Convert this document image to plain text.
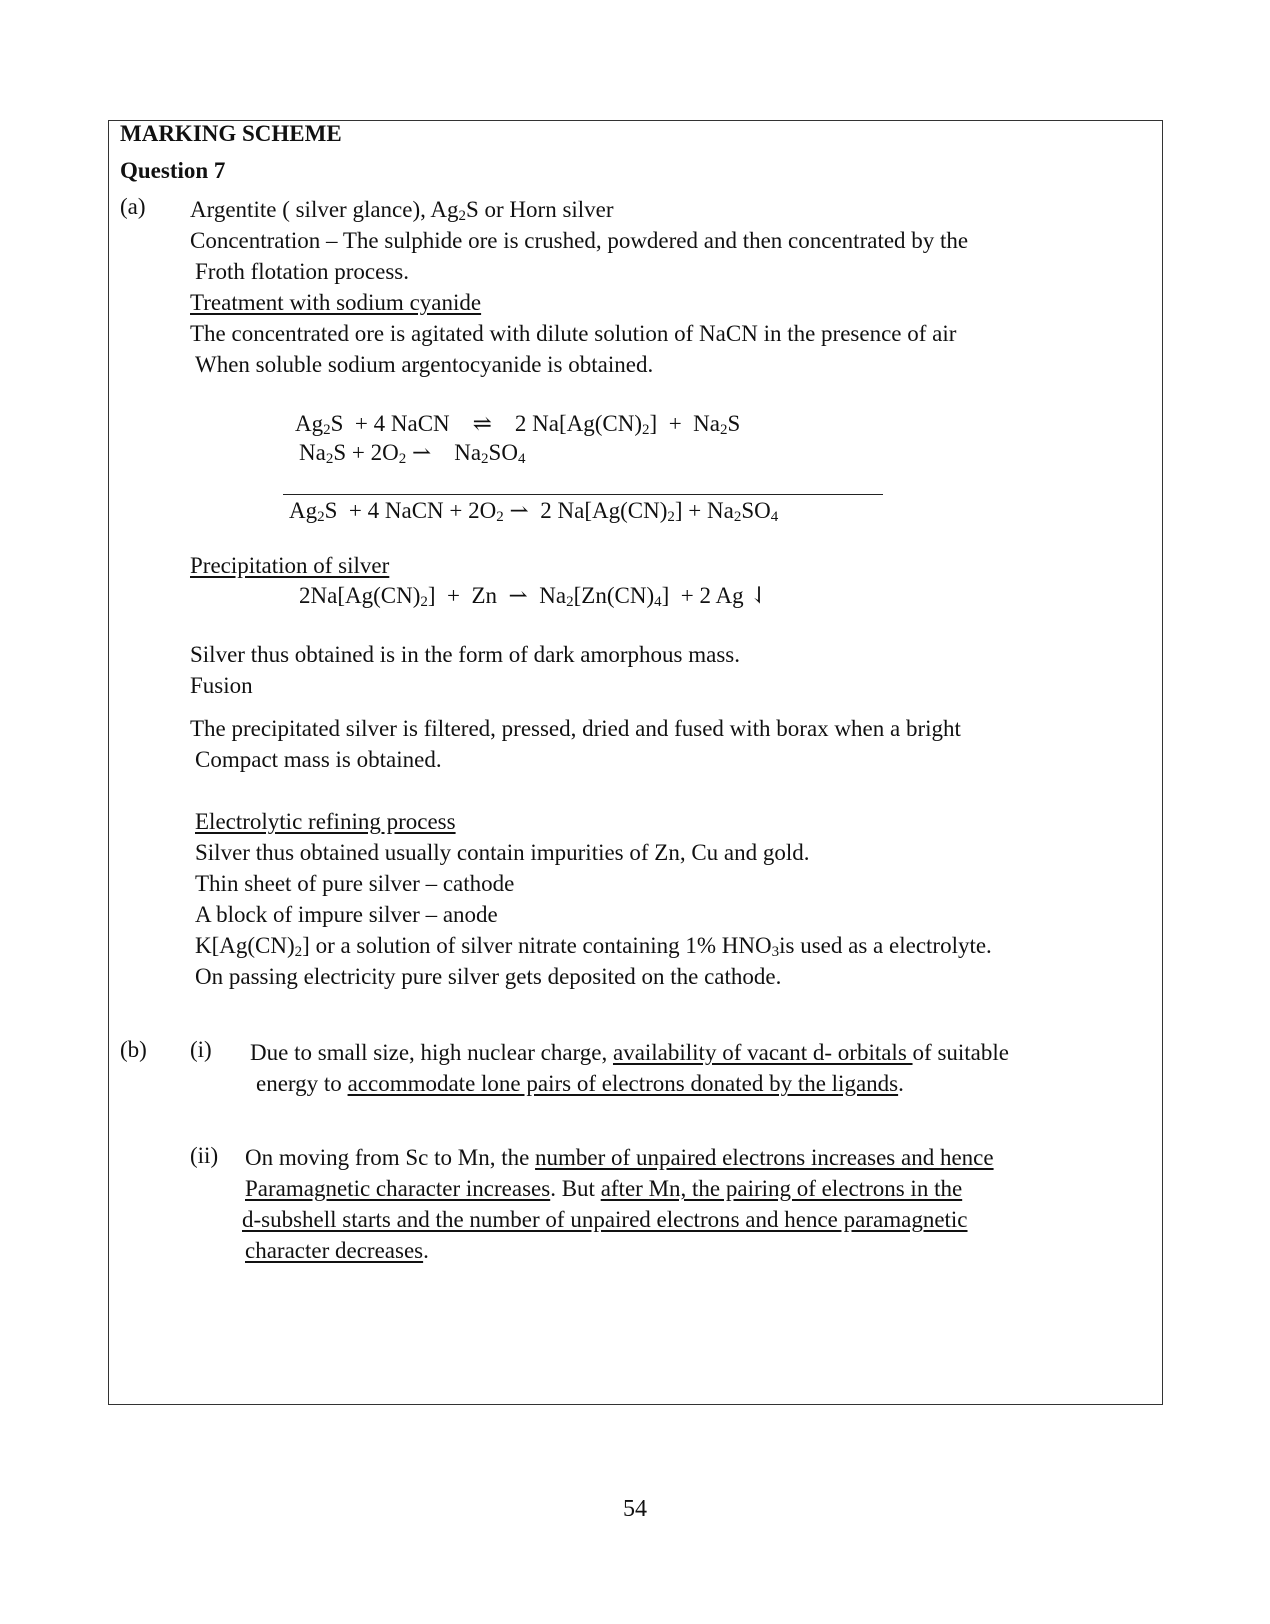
MARKING SCHEME
Question 7
(a) Argentite ( silver glance), $Ag_2S$ or Horn silver
Concentration – The sulphide ore is crushed, powdered and then concentrated by the
Froth flotation process.
Treatment with sodium cyanide
The concentrated ore is agitated with dilute solution of NaCN in the presence of air
When soluble sodium argentocyanide is obtained.
$Ag_2S + 4$ NaCN    ⇌    2 $Na[Ag(CN)_2] + Na_2S$
$Na_2S + 2O_2$ ⇀    $Na_2SO_4$
$Ag_2S + 4$ NaCN + $2O_2$ ⇀  2 $Na[Ag(CN)_2] + Na_2SO_4$
Precipitation of silver
$2Na[Ag(CN)_2] + Zn$  ⇀  $Na_2[Zn(CN)_4] + 2$ Ag ⇃
Silver thus obtained is in the form of dark amorphous mass.
Fusion
The precipitated silver is filtered, pressed, dried and fused with borax when a bright
Compact mass is obtained.
Electrolytic refining process
Silver thus obtained usually contain impurities of Zn, Cu and gold.
Thin sheet of pure silver – cathode
A block of impure silver – anode
$K[Ag(CN)_2]$ or a solution of silver nitrate containing 1% $HNO_3is$ used as a electrolyte.
On passing electricity pure silver gets deposited on the cathode.
(b) (i) Due to small size, high nuclear charge, availability of vacant d- orbitals of suitable
energy to accommodate lone pairs of electrons donated by the ligands.
(ii) On moving from Sc to Mn, the number of unpaired electrons increases and hence
Paramagnetic character increases. But after Mn, the pairing of electrons in the
d-subshell starts and the number of unpaired electrons and hence paramagnetic
character decreases.
54
